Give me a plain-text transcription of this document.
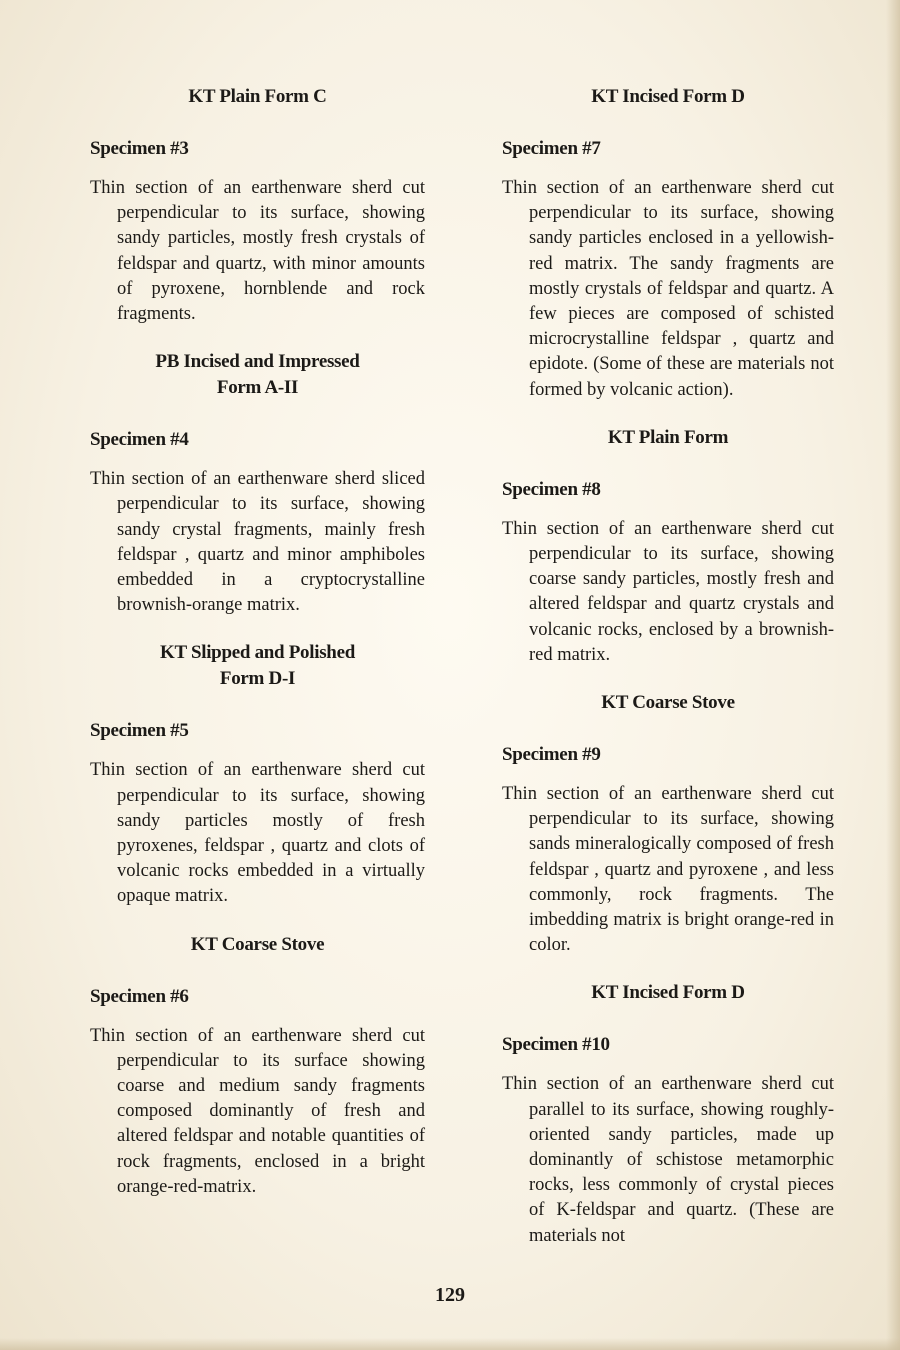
KT Plain Form C

Specimen #3

Thin section of an earthenware sherd cut perpendicular to its surface, showing sandy particles, mostly fresh crystals of feldspar and quartz, with minor amounts of pyroxene, hornblende and rock fragments.

PB Incised and Impressed
Form A-II

Specimen #4

Thin section of an earthenware sherd sliced perpendicular to its surface, showing sandy crystal fragments, mainly fresh feldspar , quartz and minor amphiboles embedded in a cryptocrystalline brownish-orange matrix.

KT Slipped and Polished
Form D-I

Specimen #5

Thin section of an earthenware sherd cut perpendicular to its surface, showing sandy particles mostly of fresh pyroxenes, feldspar , quartz and clots of volcanic rocks embedded in a virtually opaque matrix.

KT Coarse Stove

Specimen #6

Thin section of an earthenware sherd cut perpendicular to its surface showing coarse and medium sandy fragments composed dominantly of fresh and altered feldspar and notable quantities of rock fragments, enclosed in a bright orange-red-matrix.

KT Incised Form D

Specimen #7

Thin section of an earthenware sherd cut perpendicular to its surface, showing sandy particles enclosed in a yellowish-red matrix. The sandy fragments are mostly crystals of feldspar and quartz. A few pieces are composed of schisted microcrystalline feldspar , quartz and epidote. (Some of these are materials not formed by volcanic action).

KT Plain Form

Specimen #8

Thin section of an earthenware sherd cut perpendicular to its surface, showing coarse sandy particles, mostly fresh and altered feldspar and quartz crystals and volcanic rocks, enclosed by a brownish-red matrix.

KT Coarse Stove

Specimen #9

Thin section of an earthenware sherd cut perpendicular to its surface, showing sands mineralogically composed of fresh feldspar , quartz and pyroxene , and less commonly, rock fragments. The imbedding matrix is bright orange-red in color.

KT Incised Form D

Specimen #10

Thin section of an earthenware sherd cut parallel to its surface, showing roughly-oriented sandy particles, made up dominantly of schistose metamorphic rocks, less commonly of crystal pieces of K-feldspar and quartz. (These are materials not

129
